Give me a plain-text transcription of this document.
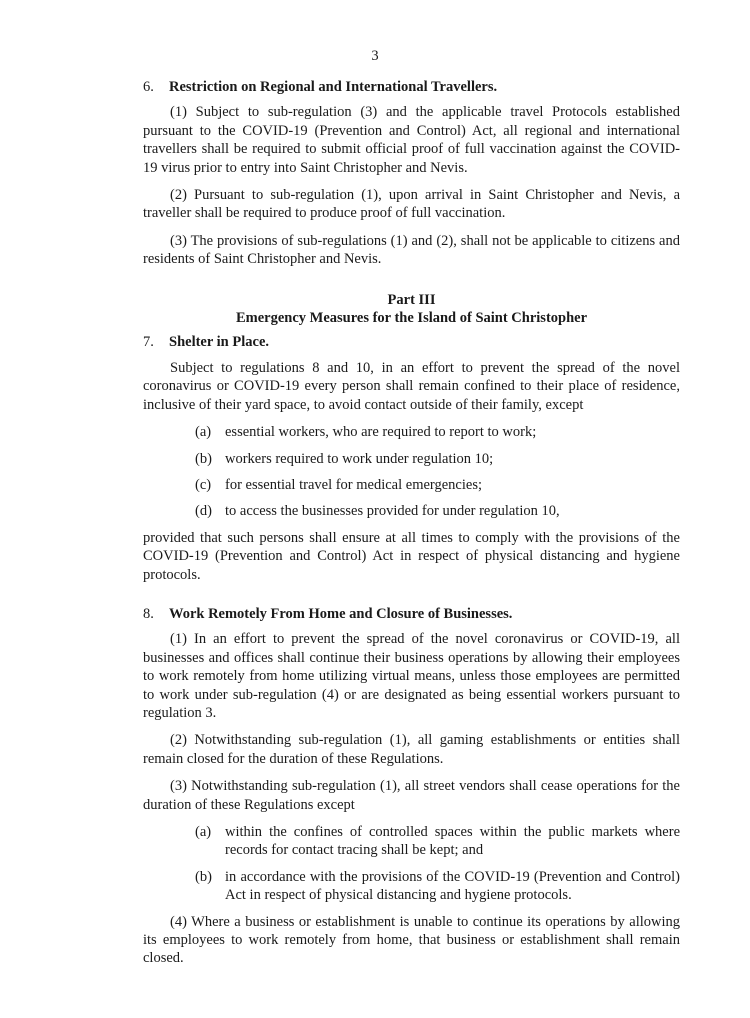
3

6. Restriction on Regional and International Travellers.

(1) Subject to sub-regulation (3) and the applicable travel Protocols established pursuant to the COVID-19 (Prevention and Control) Act, all regional and international travellers shall be required to submit official proof of full vaccination against the COVID-19 virus prior to entry into Saint Christopher and Nevis.

(2) Pursuant to sub-regulation (1), upon arrival in Saint Christopher and Nevis, a traveller shall be required to produce proof of full vaccination.

(3) The provisions of sub-regulations (1) and (2), shall not be applicable to citizens and residents of Saint Christopher and Nevis.

Part III
Emergency Measures for the Island of Saint Christopher

7. Shelter in Place.

Subject to regulations 8 and 10, in an effort to prevent the spread of the novel coronavirus or COVID-19 every person shall remain confined to their place of residence, inclusive of their yard space, to avoid contact outside of their family, except

(a) essential workers, who are required to report to work;
(b) workers required to work under regulation 10;
(c) for essential travel for medical emergencies;
(d) to access the businesses provided for under regulation 10,

provided that such persons shall ensure at all times to comply with the provisions of the COVID-19 (Prevention and Control) Act in respect of physical distancing and hygiene protocols.

8. Work Remotely From Home and Closure of Businesses.

(1) In an effort to prevent the spread of the novel coronavirus or COVID-19, all businesses and offices shall continue their business operations by allowing their employees to work remotely from home utilizing virtual means, unless those employees are permitted to work under sub-regulation (4) or are designated as being essential workers pursuant to regulation 3.

(2) Notwithstanding sub-regulation (1), all gaming establishments or entities shall remain closed for the duration of these Regulations.

(3) Notwithstanding sub-regulation (1), all street vendors shall cease operations for the duration of these Regulations except

(a) within the confines of controlled spaces within the public markets where records for contact tracing shall be kept; and
(b) in accordance with the provisions of the COVID-19 (Prevention and Control) Act in respect of physical distancing and hygiene protocols.

(4) Where a business or establishment is unable to continue its operations by allowing its employees to work remotely from home, that business or establishment shall remain closed.
